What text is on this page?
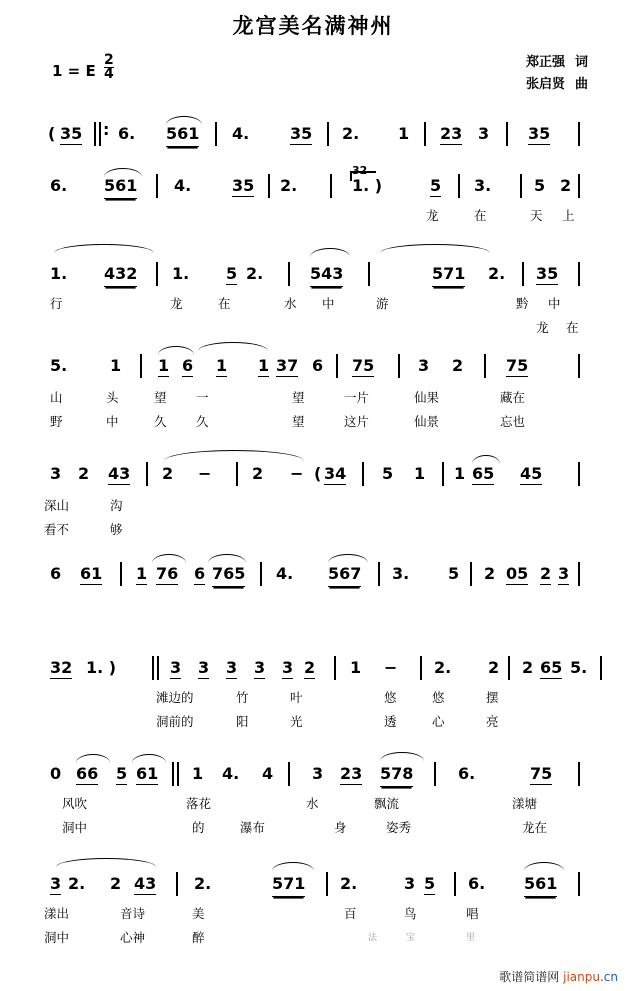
龙宫美名满神州
郑正强 词
张启贤 曲
1 = E $\frac{2}{4}$
( 35 : 6. 561 4.	35 2. 1 23 3 35
6. 561 4.	35 2.	1. )	5 3.	5 2
龙	在	天 上
1. 432 1. 5 2.	543	571 2. 35
行	龙	在	水 中	游	黔 中
龙 在
5.	1 1 6 1 1 37 6 75	3 2	75
山	头	望 一	望	一片	仙果	藏在
野	中	久 久	望	这片	仙景	忘也
3 2 43 2 −	2 − ( 34 5 1 1 65 45
深山	沟
看不	够
6 61 1 76 6 765 4. 567 3. 5 2 05 2 3
32 1. )	3 3 3 3 3 2 1 − 2. 2 2 65 5.
滩边的	竹	叶	悠	悠	摆
洞前的	阳	光	透	心	亮
0 66 5 61 1 4. 4 3 23 578	6.	75
风吹	落花	水	飘流	漾塘
洞中	的	瀑布	身	姿秀	龙在
3 2. 2 43 2.	571 2.	3 5 6. 561
漾出	音诗	美	百	鸟	唱
洞中	心神	醉	法	宝	里
歌谱简谱网 jianpu.cn
